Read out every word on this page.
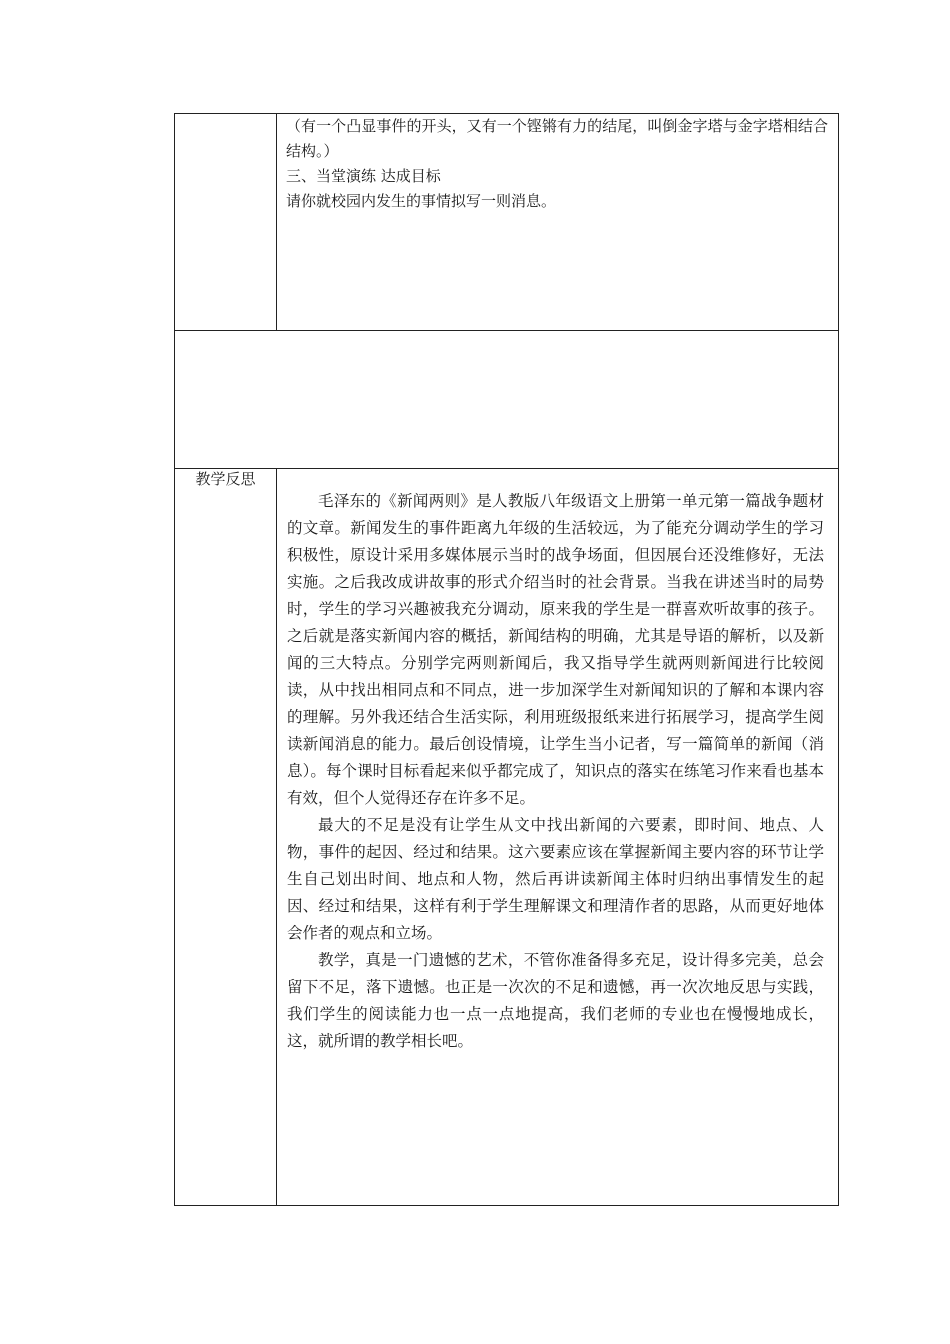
	（有一个凸显事件的开头，又有一个铿锵有力的结尾，叫倒金字塔与金字塔相结合结构。）

三、当堂演练 达成目标

请你就校园内发生的事情拟写一则消息。

教学反思	毛泽东的《新闻两则》是人教版八年级语文上册第一单元第一篇战争题材的文章。新闻发生的事件距离九年级的生活较远，为了能充分调动学生的学习积极性，原设计采用多媒体展示当时的战争场面，但因展台还没维修好，无法实施。之后我改成讲故事的形式介绍当时的社会背景。当我在讲述当时的局势时，学生的学习兴趣被我充分调动，原来我的学生是一群喜欢听故事的孩子。之后就是落实新闻内容的概括，新闻结构的明确，尤其是导语的解析，以及新闻的三大特点。分别学完两则新闻后，我又指导学生就两则新闻进行比较阅读，从中找出相同点和不同点，进一步加深学生对新闻知识的了解和本课内容的理解。另外我还结合生活实际，利用班级报纸来进行拓展学习，提高学生阅读新闻消息的能力。最后创设情境，让学生当小记者，写一篇简单的新闻（消息）。每个课时目标看起来似乎都完成了，知识点的落实在练笔习作来看也基本有效，但个人觉得还存在许多不足。

最大的不足是没有让学生从文中找出新闻的六要素，即时间、地点、人物，事件的起因、经过和结果。这六要素应该在掌握新闻主要内容的环节让学生自己划出时间、地点和人物，然后再讲读新闻主体时归纳出事情发生的起因、经过和结果，这样有利于学生理解课文和理清作者的思路，从而更好地体会作者的观点和立场。

教学，真是一门遗憾的艺术，不管你准备得多充足，设计得多完美，总会留下不足，落下遗憾。也正是一次次的不足和遗憾，再一次次地反思与实践，我们学生的阅读能力也一点一点地提高，我们老师的专业也在慢慢地成长，这，就所谓的教学相长吧。
